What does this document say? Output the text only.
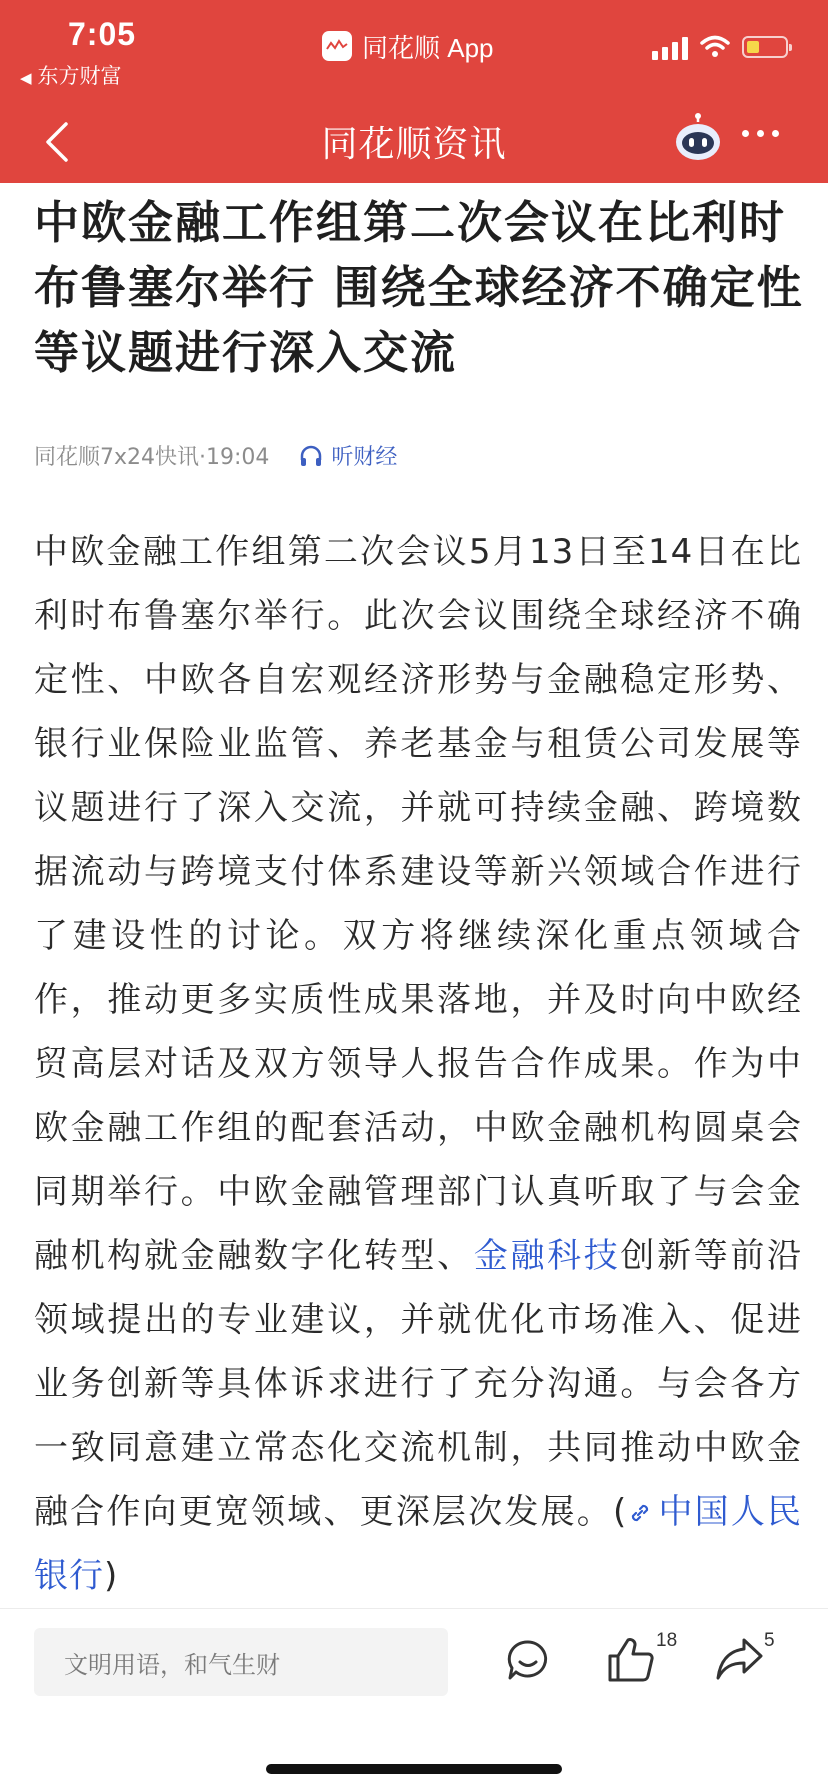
7:05
◀ 东方财富
同花顺 App
同花顺资讯
中欧金融工作组第二次会议在比利时布鲁塞尔举行 围绕全球经济不确定性等议题进行深入交流
同花顺7x24快讯·19:04	听财经
中欧金融工作组第二次会议5月13日至14日在比利时布鲁塞尔举行。此次会议围绕全球经济不确定性、中欧各自宏观经济形势与金融稳定形势、银行业保险业监管、养老基金与租赁公司发展等议题进行了深入交流，并就可持续金融、跨境数据流动与跨境支付体系建设等新兴领域合作进行了建设性的讨论。双方将继续深化重点领域合作，推动更多实质性成果落地，并及时向中欧经贸高层对话及双方领导人报告合作成果。作为中欧金融工作组的配套活动，中欧金融机构圆桌会同期举行。中欧金融管理部门认真听取了与会金融机构就金融数字化转型、金融科技创新等前沿领域提出的专业建议，并就优化市场准入、促进业务创新等具体诉求进行了充分沟通。与会各方一致同意建立常态化交流机制，共同推动中欧金融合作向更宽领域、更深层次发展。( 中国人民银行)
文明用语，和气生财
18	5
